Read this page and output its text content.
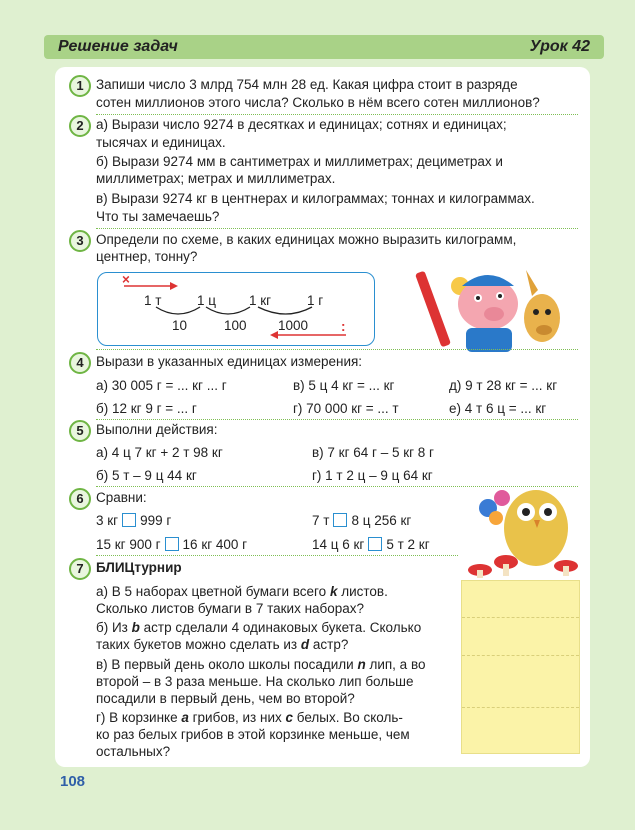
Решение задач	Урок 42
1 Запиши число 3 млрд 754 млн 28 ед. Какая цифра стоит в разряде
сотен миллионов этого числа? Сколько в нём всего сотен миллионов?
2 а) Вырази число 9274 в десятках и единицах; сотнях и единицах;
тысячах и единицах.
б) Вырази 9274 мм в сантиметрах и миллиметрах; дециметрах и
миллиметрах; метрах и миллиметрах.
в) Вырази 9274 кг в центнерах и килограммах; тоннах и килограммах.
Что ты замечаешь?
3 Определи по схеме, в каких единицах можно выразить килограмм,
центнер, тонну?
×
:
1 т	1 ц 1 кг	1 г
10	100 1000
4 Вырази в указанных единицах измерения:
а) 30 005 г = ... кг ... г	в) 5 ц 4 кг = ... кг	д) 9 т 28 кг = ... кг
б) 12 кг 9 г = ... г	г) 70 000 кг = ... т	е) 4 т 6 ц = ... кг
5 Выполни действия:
а) 4 ц 7 кг + 2 т 98 кг	в) 7 кг 64 г – 5 кг 8 г
б) 5 т – 9 ц 44 кг	г) 1 т 2 ц – 9 ц 64 кг
6 Сравни:
3 кг 999 г	7 т 8 ц 256 кг
15 кг 900 г 16 кг 400 г	14 ц 6 кг 5 т 2 кг
7 БЛИЦтурнир
а) В 5 наборах цветной бумаги всего k листов.
Сколько листов бумаги в 7 таких наборах?
б) Из b астр сделали 4 одинаковых букета. Сколько
таких букетов можно сделать из d астр?
в) В первый день около школы посадили n лип, а во
второй – в 3 раза меньше. На сколько лип больше
посадили в первый день, чем во второй?
г) В корзинке a грибов, из них c белых. Во сколь-
ко раз белых грибов в этой корзинке меньше, чем
остальных?
108
